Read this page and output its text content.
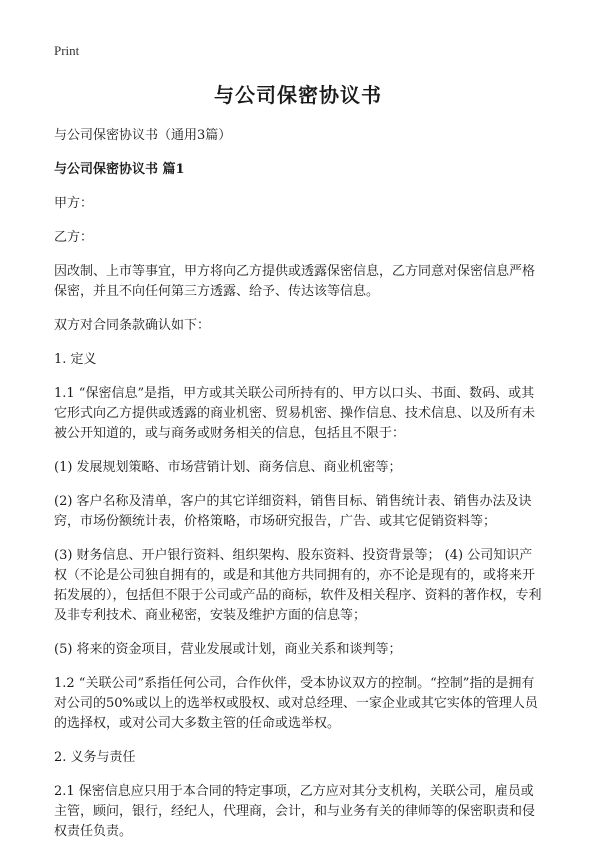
Print
与公司保密协议书

与公司保密协议书（通用3篇）

与公司保密协议书 篇1

甲方：

乙方：

因改制、上市等事宜，甲方将向乙方提供或透露保密信息，乙方同意对保密信息严格保密，并且不向任何第三方透露、给予、传达该等信息。

双方对合同条款确认如下：

1. 定义

1.1 “保密信息”是指，甲方或其关联公司所持有的、甲方以口头、书面、数码、或其它形式向乙方提供或透露的商业机密、贸易机密、操作信息、技术信息、以及所有未被公开知道的，或与商务或财务相关的信息，包括且不限于：

(1) 发展规划策略、市场营销计划、商务信息、商业机密等；

(2) 客户名称及清单，客户的其它详细资料，销售目标、销售统计表、销售办法及诀窍，市场份额统计表，价格策略，市场研究报告，广告、或其它促销资料等；

(3) 财务信息、开户银行资料、组织架构、股东资料、投资背景等； (4) 公司知识产权（不论是公司独自拥有的，或是和其他方共同拥有的，亦不论是现有的，或将来开拓发展的），包括但不限于公司或产品的商标，软件及相关程序、资料的著作权，专利及非专利技术、商业秘密，安装及维护方面的信息等；

(5) 将来的资金项目，营业发展或计划，商业关系和谈判等；

1.2 “关联公司”系指任何公司，合作伙伴，受本协议双方的控制。“控制”指的是拥有 对公司的50%或以上的选举权或股权、或对总经理、一家企业或其它实体的管理人员的选择权，或对公司大多数主管的任命或选举权。

2. 义务与责任

2.1 保密信息应只用于本合同的特定事项，乙方应对其分支机构，关联公司，雇员或主管，顾问，银行，经纪人，代理商，会计，和与业务有关的律师等的保密职责和侵权责任负责。
